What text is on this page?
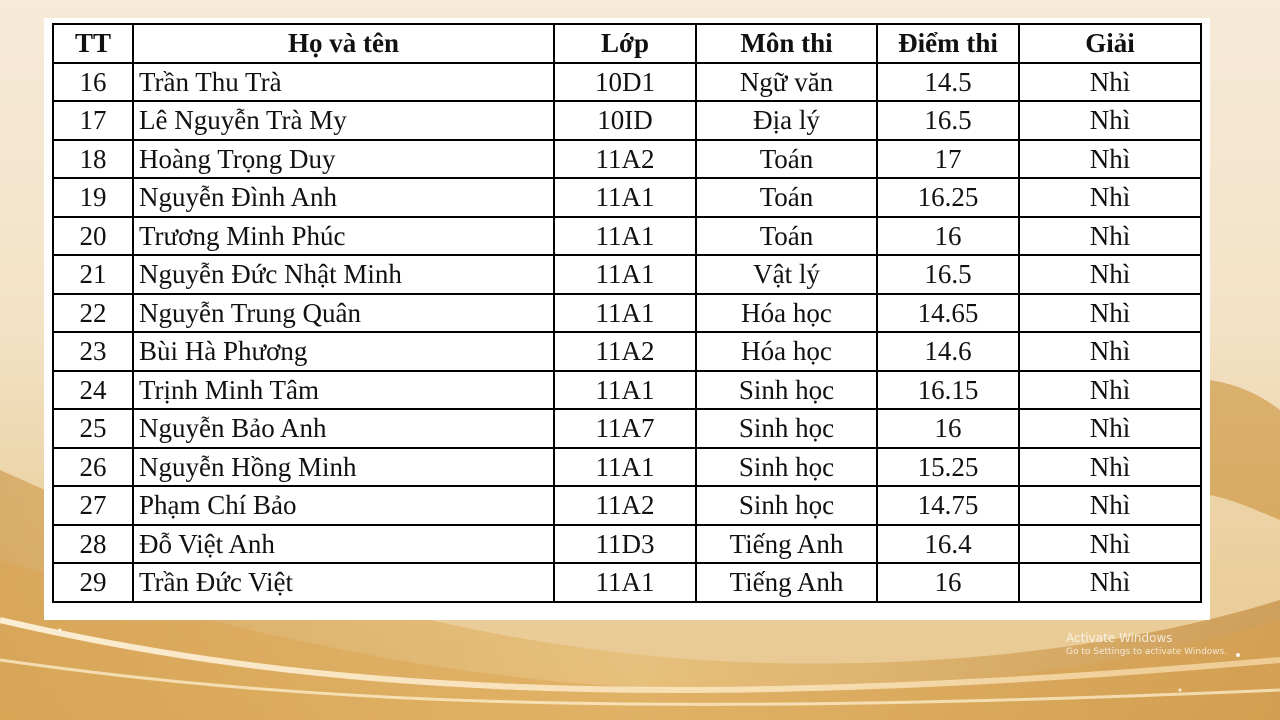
TT	Họ và tên	Lớp	Môn thi	Điểm thi	Giải
16	Trần Thu Trà	10D1	Ngữ văn	14.5	Nhì
17	Lê Nguyễn Trà My	10ID	Địa lý	16.5	Nhì
18	Hoàng Trọng Duy	11A2	Toán	17	Nhì
19	Nguyễn Đình Anh	11A1	Toán	16.25	Nhì
20	Trương Minh Phúc	11A1	Toán	16	Nhì
21	Nguyễn Đức Nhật Minh	11A1	Vật lý	16.5	Nhì
22	Nguyễn Trung Quân	11A1	Hóa học	14.65	Nhì
23	Bùi Hà Phương	11A2	Hóa học	14.6	Nhì
24	Trịnh Minh Tâm	11A1	Sinh học	16.15	Nhì
25	Nguyễn Bảo Anh	11A7	Sinh học	16	Nhì
26	Nguyễn Hồng Minh	11A1	Sinh học	15.25	Nhì
27	Phạm Chí Bảo	11A2	Sinh học	14.75	Nhì
28	Đỗ Việt Anh	11D3	Tiếng Anh	16.4	Nhì
29	Trần Đức Việt	11A1	Tiếng Anh	16	Nhì
Activate Windows
Go to Settings to activate Windows.
